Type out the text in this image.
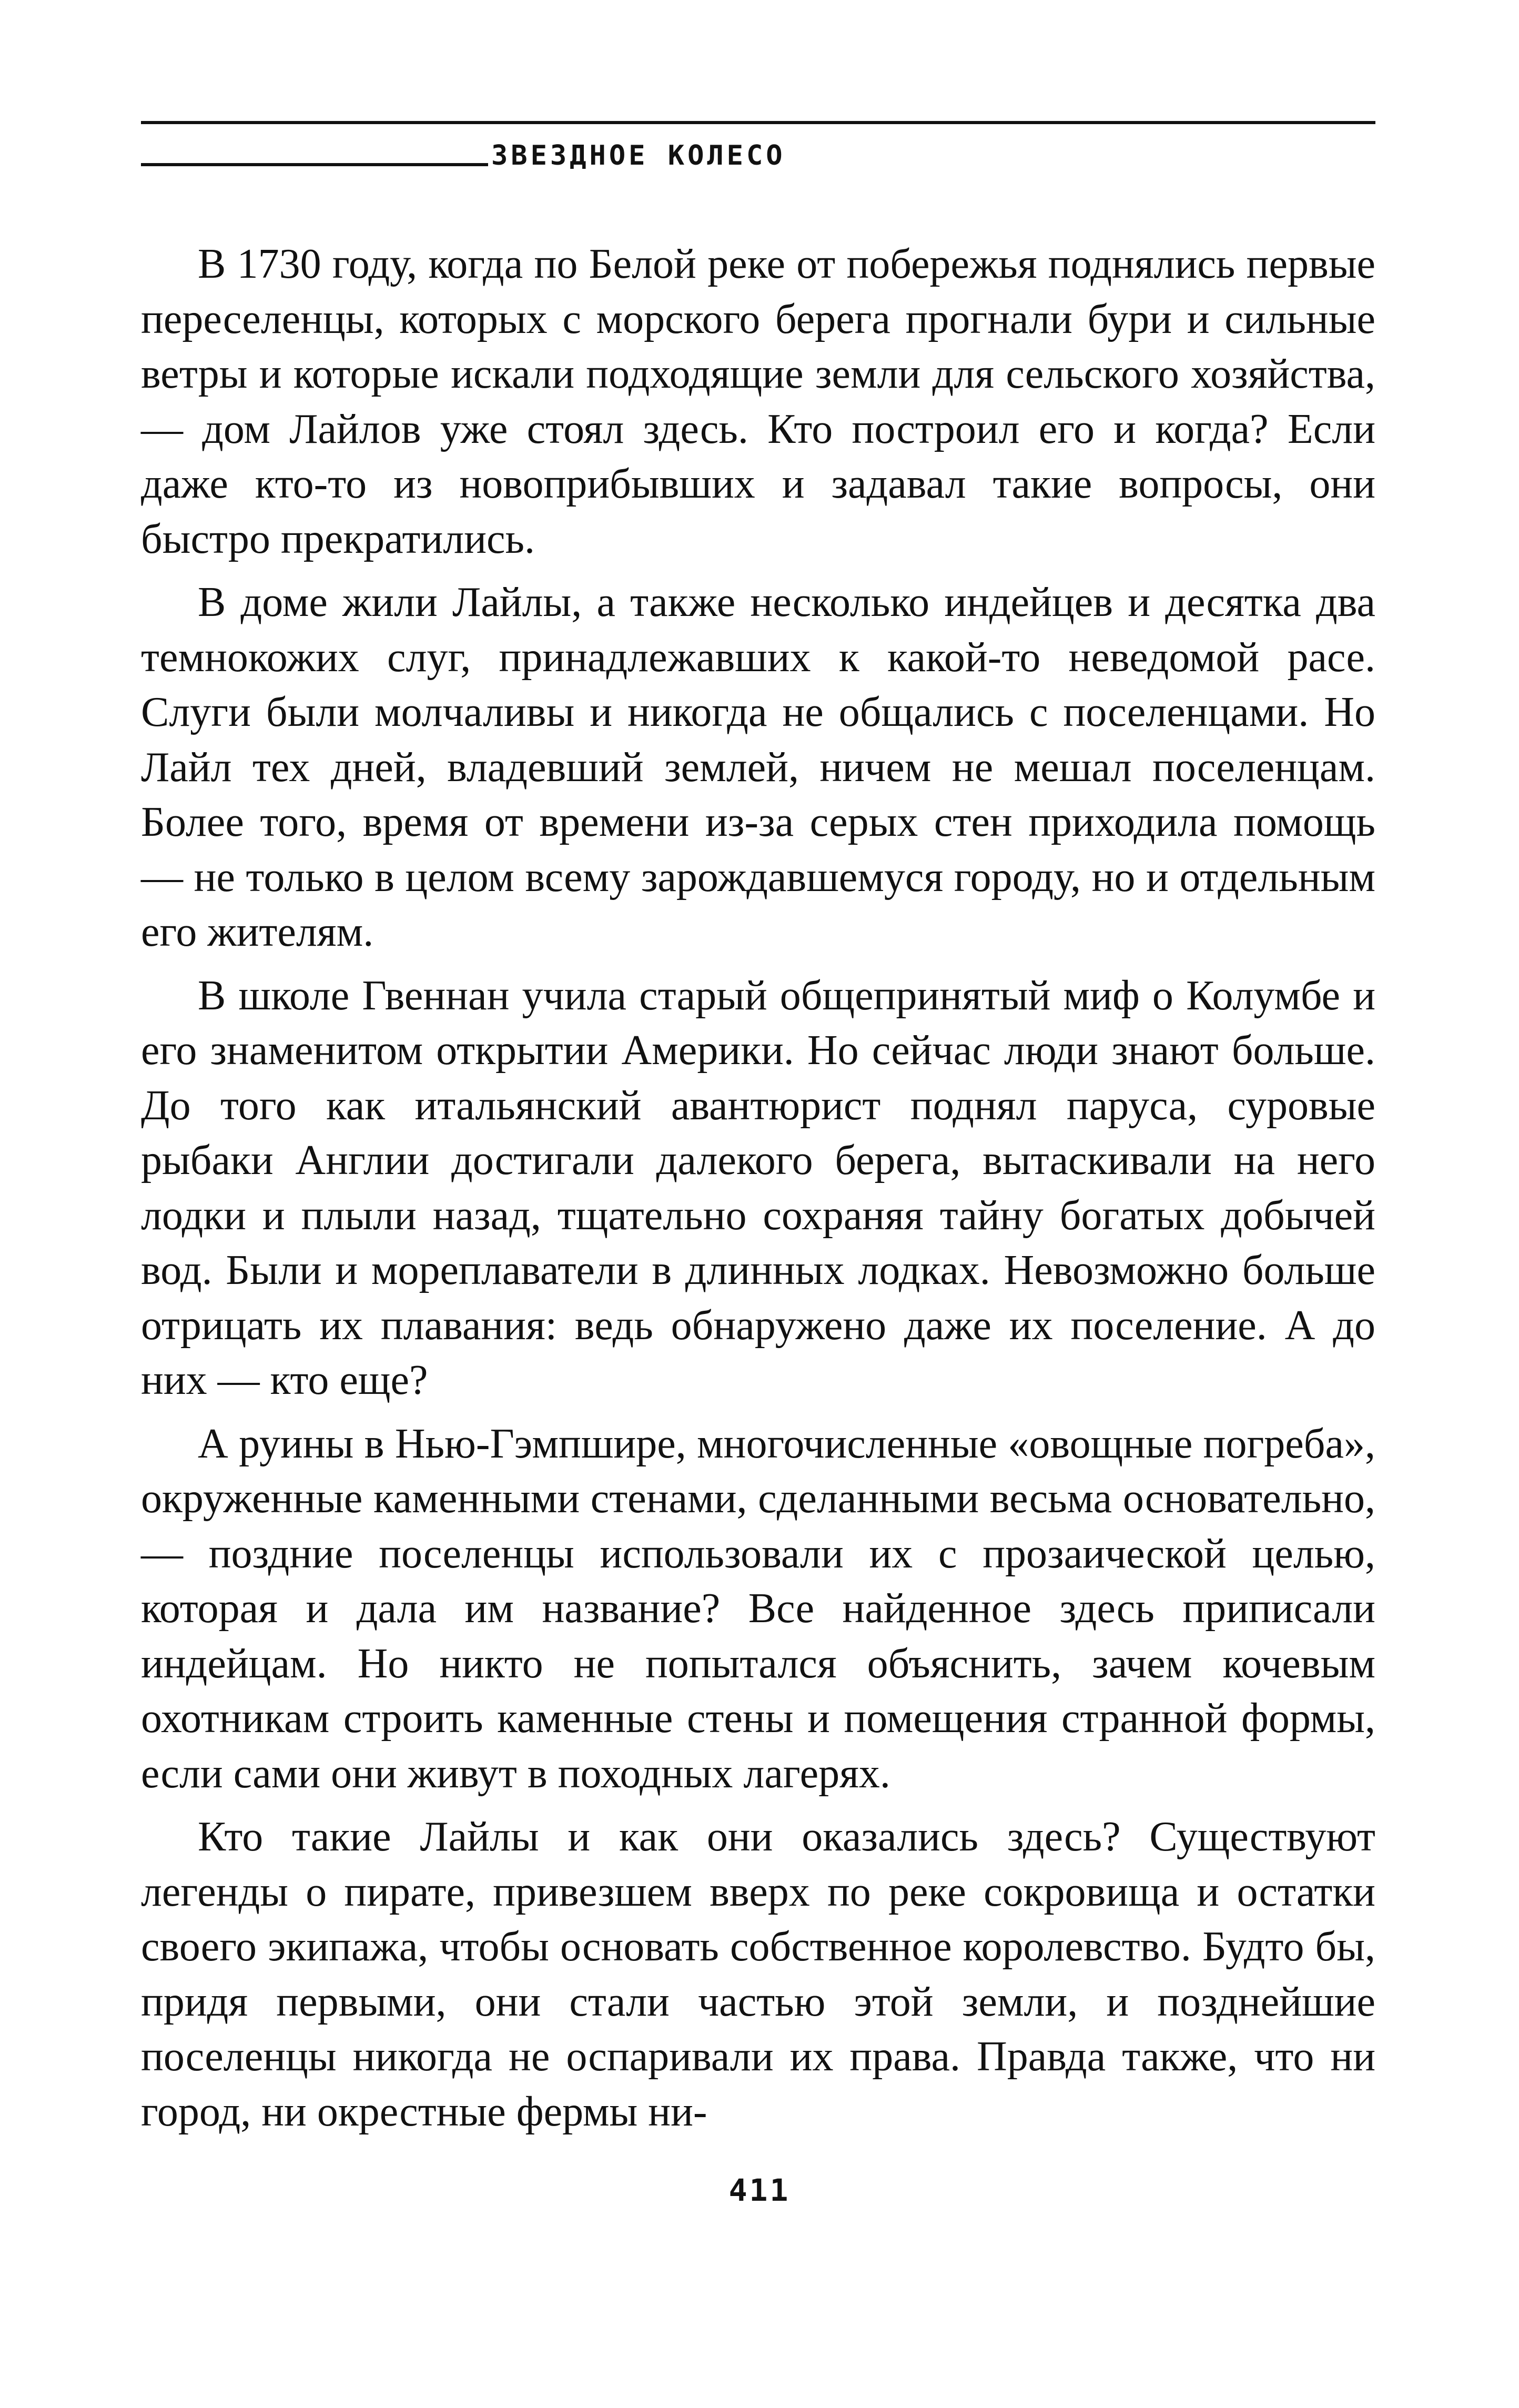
ЗВЕЗДНОЕ КОЛЕСО

В 1730 году, когда по Белой реке от побережья поднялись первые переселенцы, которых с морского берега прогнали бури и сильные ветры и которые искали подходящие земли для сельского хозяйства, — дом Лайлов уже стоял здесь. Кто построил его и когда? Если даже кто-то из новоприбывших и задавал такие вопросы, они быстро прекратились.

В доме жили Лайлы, а также несколько индейцев и десятка два темнокожих слуг, принадлежавших к какой-то неведомой расе. Слуги были молчаливы и никогда не общались с поселенцами. Но Лайл тех дней, владевший землей, ничем не мешал поселенцам. Более того, время от времени из-за серых стен приходила помощь — не только в целом всему зарождавшемуся городу, но и отдельным его жителям.

В школе Гвеннан учила старый общепринятый миф о Колумбе и его знаменитом открытии Америки. Но сейчас люди знают больше. До того как итальянский авантюрист поднял паруса, суровые рыбаки Англии достигали далекого берега, вытаскивали на него лодки и плыли назад, тщательно сохраняя тайну богатых добычей вод. Были и мореплаватели в длинных лодках. Невозможно больше отрицать их плавания: ведь обнаружено даже их поселение. А до них — кто еще?

А руины в Нью-Гэмпшире, многочисленные «овощные погреба», окруженные каменными стенами, сделанными весьма основательно, — поздние поселенцы использовали их с прозаической целью, которая и дала им название? Все найденное здесь приписали индейцам. Но никто не попытался объяснить, зачем кочевым охотникам строить каменные стены и помещения странной формы, если сами они живут в походных лагерях.

Кто такие Лайлы и как они оказались здесь? Существуют легенды о пирате, привезшем вверх по реке сокровища и остатки своего экипажа, чтобы основать собственное королевство. Будто бы, придя первыми, они стали частью этой земли, и позднейшие поселенцы никогда не оспаривали их права. Правда также, что ни город, ни окрестные фермы ни-

411
